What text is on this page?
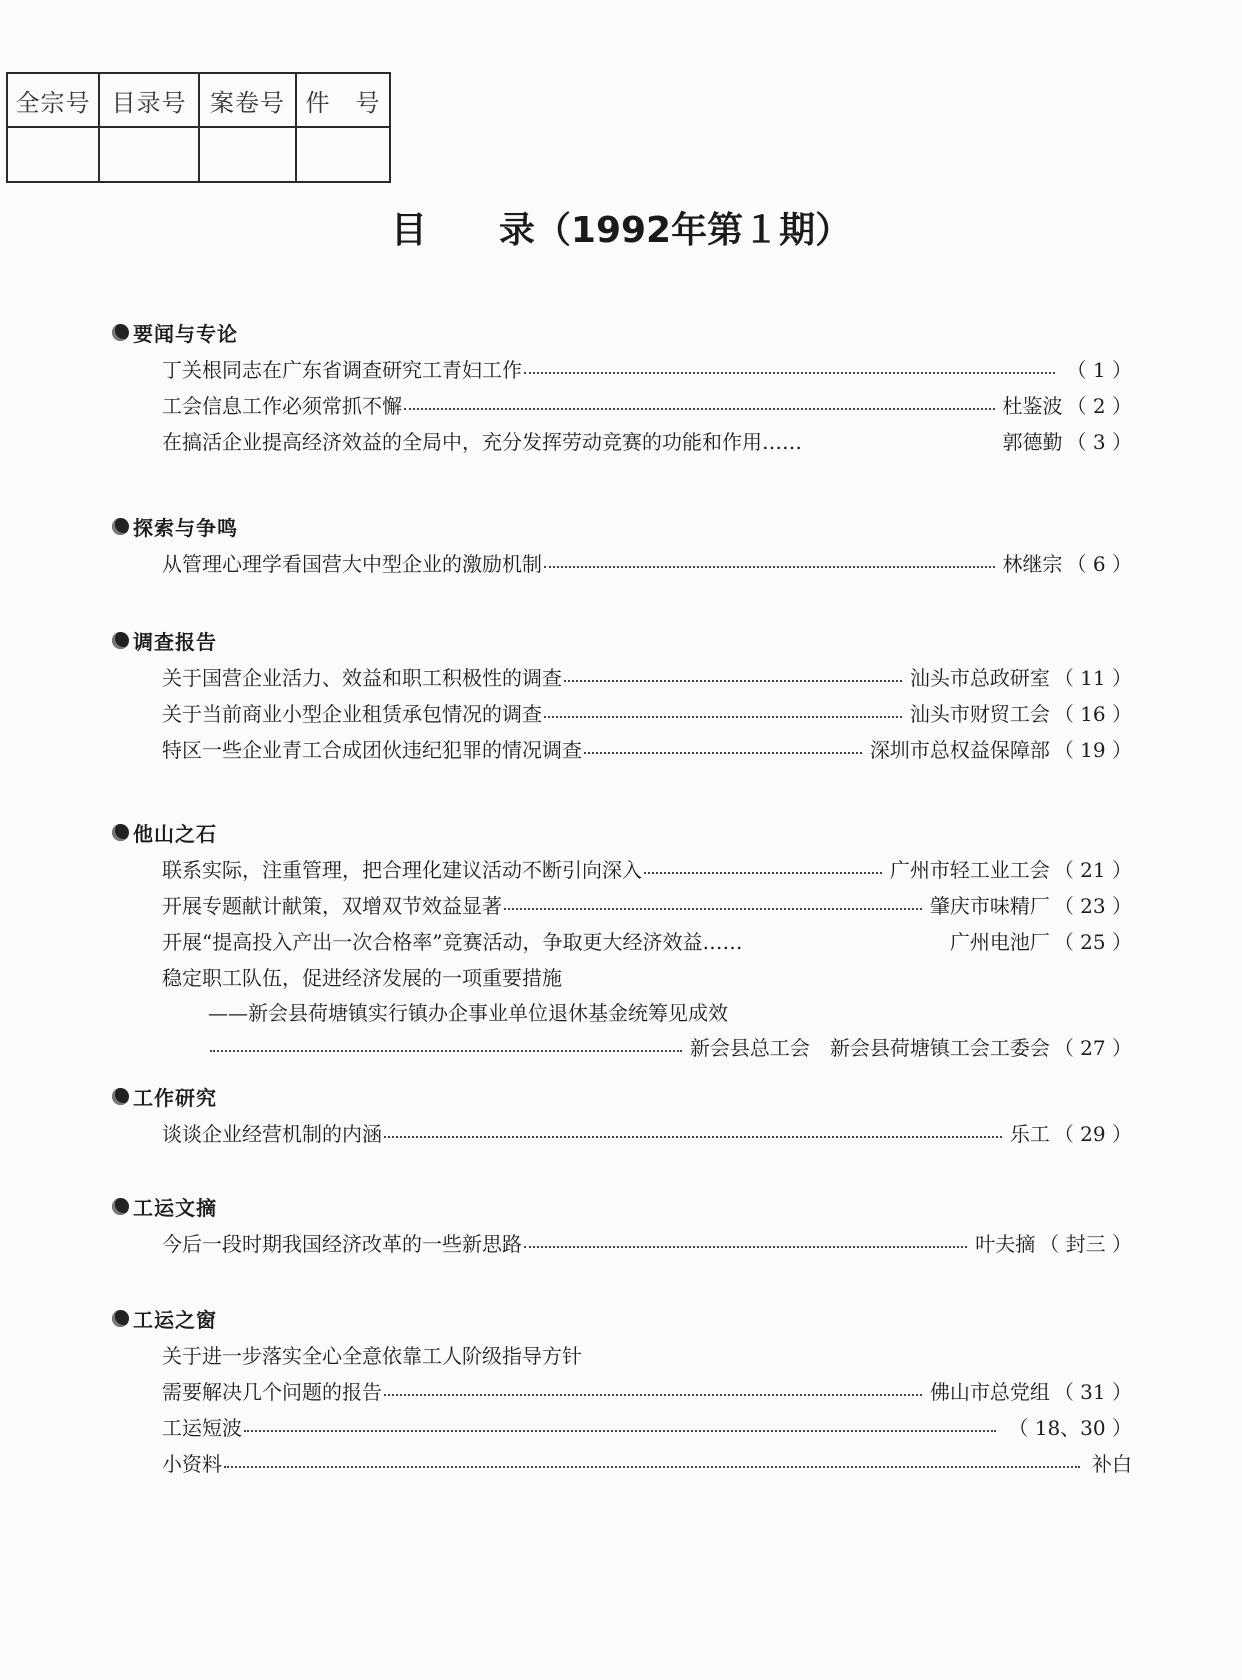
全宗号 目录号 案卷号 件　号
目　　录（1992年第１期）
要闻与专论
丁关根同志在广东省调查研究工青妇工作	（ 1 ）
工会信息工作必须常抓不懈	杜鉴波 （ 2 ）
在搞活企业提高经济效益的全局中，充分发挥劳动竞赛的功能和作用……	郭德勤 （ 3 ）
探索与争鸣
从管理心理学看国营大中型企业的激励机制	林继宗 （ 6 ）
调查报告
关于国营企业活力、效益和职工积极性的调查	汕头市总政研室 （ 11 ）
关于当前商业小型企业租赁承包情况的调查	汕头市财贸工会 （ 16 ）
特区一些企业青工合成团伙违纪犯罪的情况调查	深圳市总权益保障部 （ 19 ）
他山之石
联系实际，注重管理，把合理化建议活动不断引向深入	广州市轻工业工会 （ 21 ）
开展专题献计献策，双增双节效益显著	肇庆市味精厂 （ 23 ）
开展“提高投入产出一次合格率”竞赛活动，争取更大经济效益……	广州电池厂 （ 25 ）
稳定职工队伍，促进经济发展的一项重要措施
——新会县荷塘镇实行镇办企事业单位退休基金统筹见成效
新会县总工会　新会县荷塘镇工会工委会 （ 27 ）
工作研究
谈谈企业经营机制的内涵	乐工 （ 29 ）
工运文摘
今后一段时期我国经济改革的一些新思路	叶夫摘 （ 封三 ）
工运之窗
关于进一步落实全心全意依靠工人阶级指导方针
需要解决几个问题的报告	佛山市总党组 （ 31 ）
工运短波	（ 18、30 ）
小资料	补白
